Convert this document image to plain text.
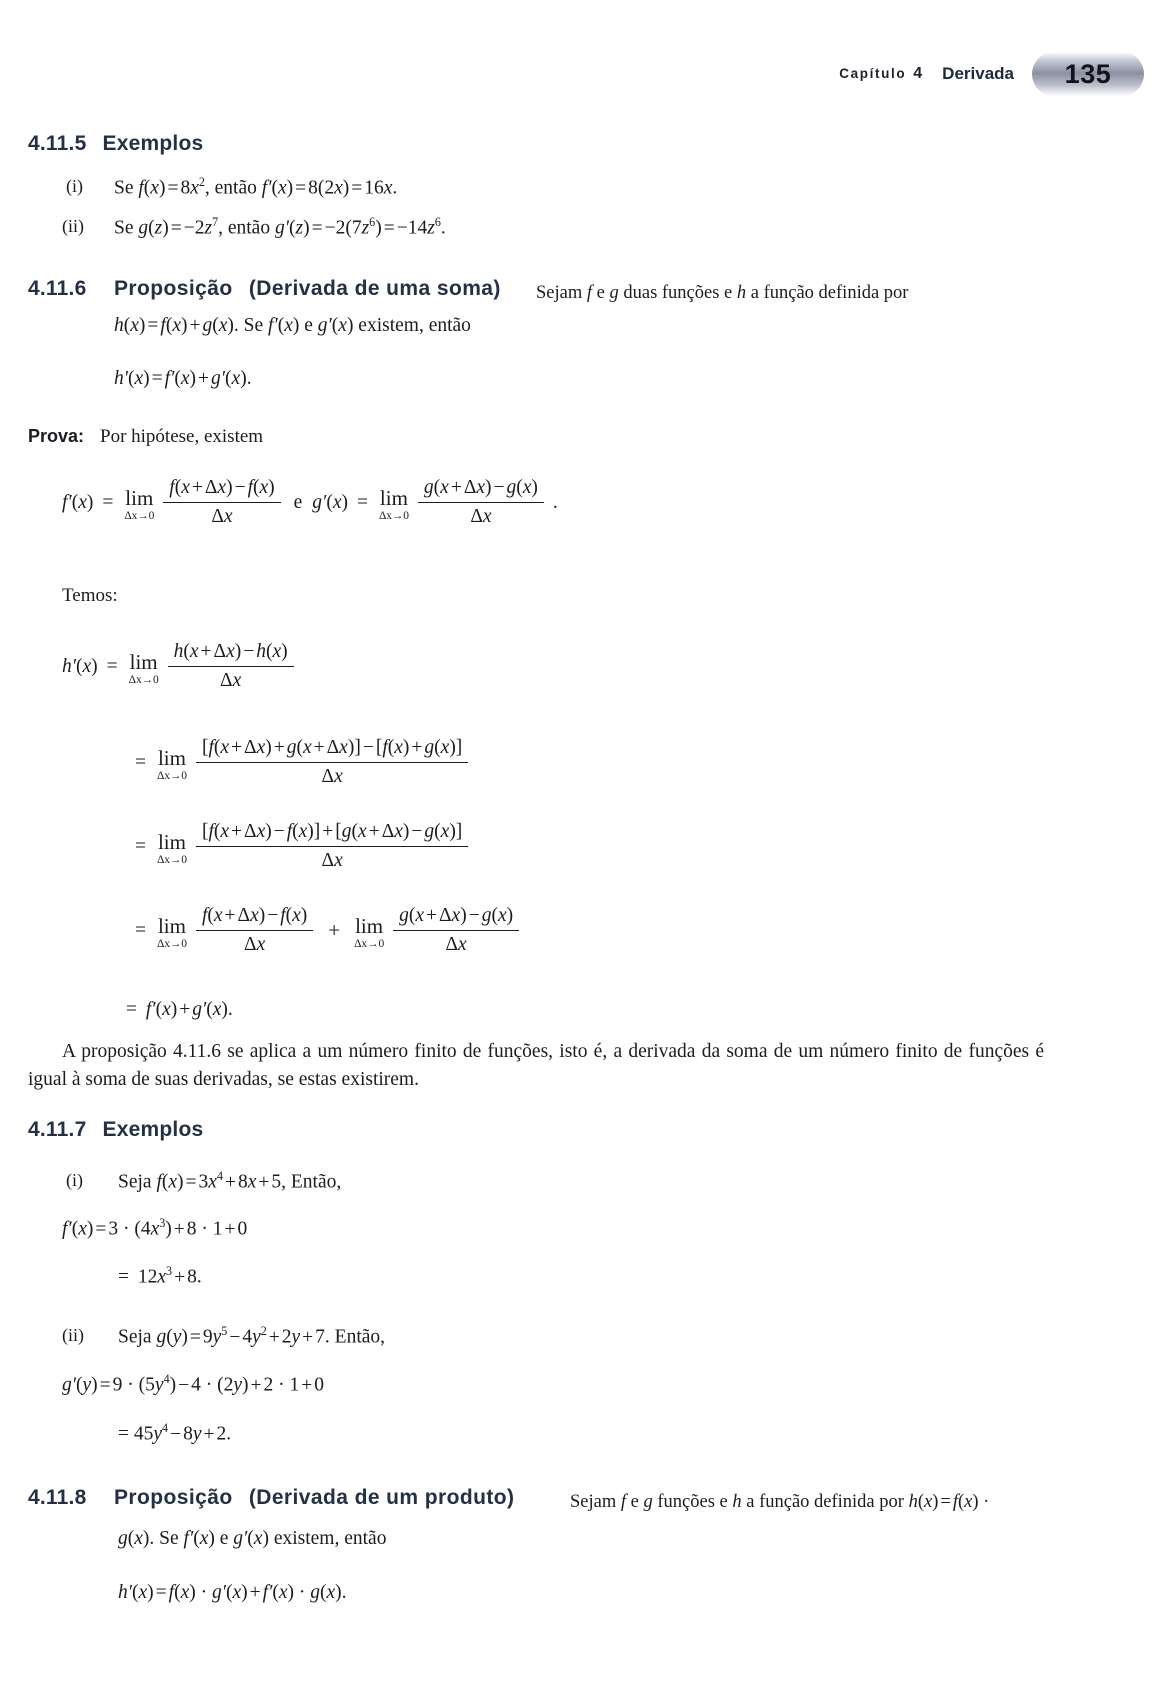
Capítulo 4 Derivada 135
4.11.5 Exemplos
(i) Se $f(x) = 8x^2$, então f′(x) = 8(2x) = 16x.
(ii) Se $g(z) = -2z^7$, então $g'(z) = -2(7z^6) = -14z^6$.
4.11.6 Proposição (Derivada de uma soma) Sejam f e g duas funções e h a função definida por
h(x) = f(x) + g(x). Se f′(x) e g′(x) existem, então
h′(x) = f′(x) + g′(x).
Prova: Por hipótese, existem
f′(x) = lim
$\Delta x\to 0 \frac{f(x + \Delta x) - f(x)}{\Delta x}$ e g′(x) = lim
$\Delta x\to 0 \frac{g(x + \Delta x) - g(x)}{\Delta x}$ .
Temos:
h′(x) = lim
$\Delta x\to 0 \frac{h(x + \Delta x) - h(x)}{\Delta x}$
= lim
$\Delta x\to 0 \frac{[f(x + \Delta x) + g(x + \Delta x)] - [f(x) + g(x)]}{\Delta x}$
= lim
$\Delta x\to 0 \frac{[f(x + \Delta x) - f(x)] + [g(x + \Delta x) - g(x)]}{\Delta x}$
= lim
$\Delta x\to 0 \frac{f(x + \Delta x) - f(x)}{\Delta x} + \lim$
$\Delta x\to 0 \frac{g(x + \Delta x) - g(x)}{\Delta x}$
= f′(x) + g′(x).
A proposição 4.11.6 se aplica a um número finito de funções, isto é, a derivada da soma de um número finito de funções é igual à soma de suas derivadas, se estas existirem.
4.11.7 Exemplos
(i) Seja $f(x) = 3x^4 + 8x + 5$, Então,
$f'(x) = 3 \cdot (4x^3) + 8 \cdot 1 + 0$
= $12x^3 + 8$.
(ii) Seja $g(y) = 9y^5 - 4y^2 + 2y + 7$. Então,
$g'(y) = 9 \cdot (5y^4) - 4 \cdot (2y) + 2 \cdot 1 + 0$
= $45y^4 - 8y + 2$.
4.11.8 Proposição (Derivada de um produto)	Sejam f e g funções e h a função definida por h(x) = f(x) ·
g(x). Se f′(x) e g′(x) existem, então
h′(x) = f(x) · g′(x) + f′(x) · g(x).
